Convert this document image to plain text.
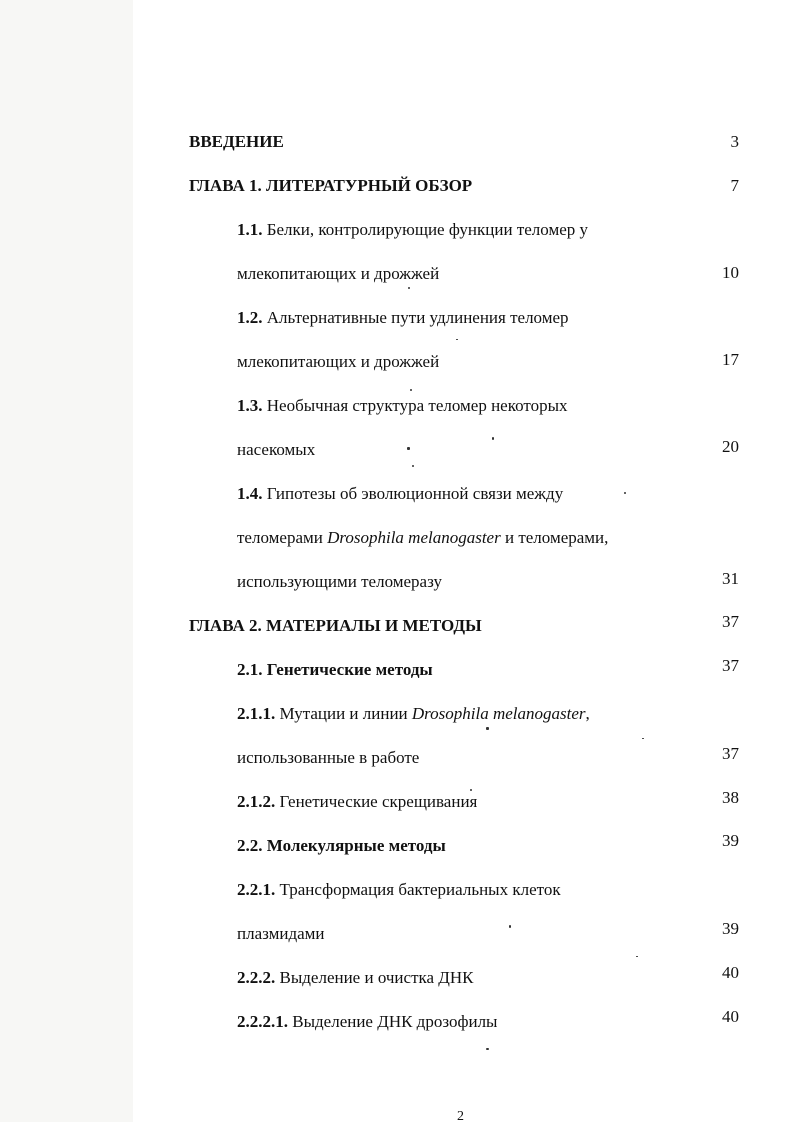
ВВЕДЕНИЕ	3
ГЛАВА 1. ЛИТЕРАТУРНЫЙ ОБЗОР	7
1.1. Белки, контролирующие функции теломер у
млекопитающих и дрожжей	10
1.2. Альтернативные пути удлинения теломер
млекопитающих и дрожжей	17
1.3. Необычная структура теломер некоторых
насекомых	20
1.4. Гипотезы об эволюционной связи между
теломерами Drosophila melanogaster и теломерами,
использующими теломеразу	31
ГЛАВА 2. МАТЕРИАЛЫ И МЕТОДЫ	37
2.1. Генетические методы	37
2.1.1. Мутации и линии Drosophila melanogaster,
использованные в работе	37
2.1.2. Генетические скрещивания	38
2.2. Молекулярные методы	39
2.2.1. Трансформация бактериальных клеток
плазмидами	39
2.2.2. Выделение и очистка ДНК	40
2.2.2.1. Выделение ДНК дрозофилы	40
2
